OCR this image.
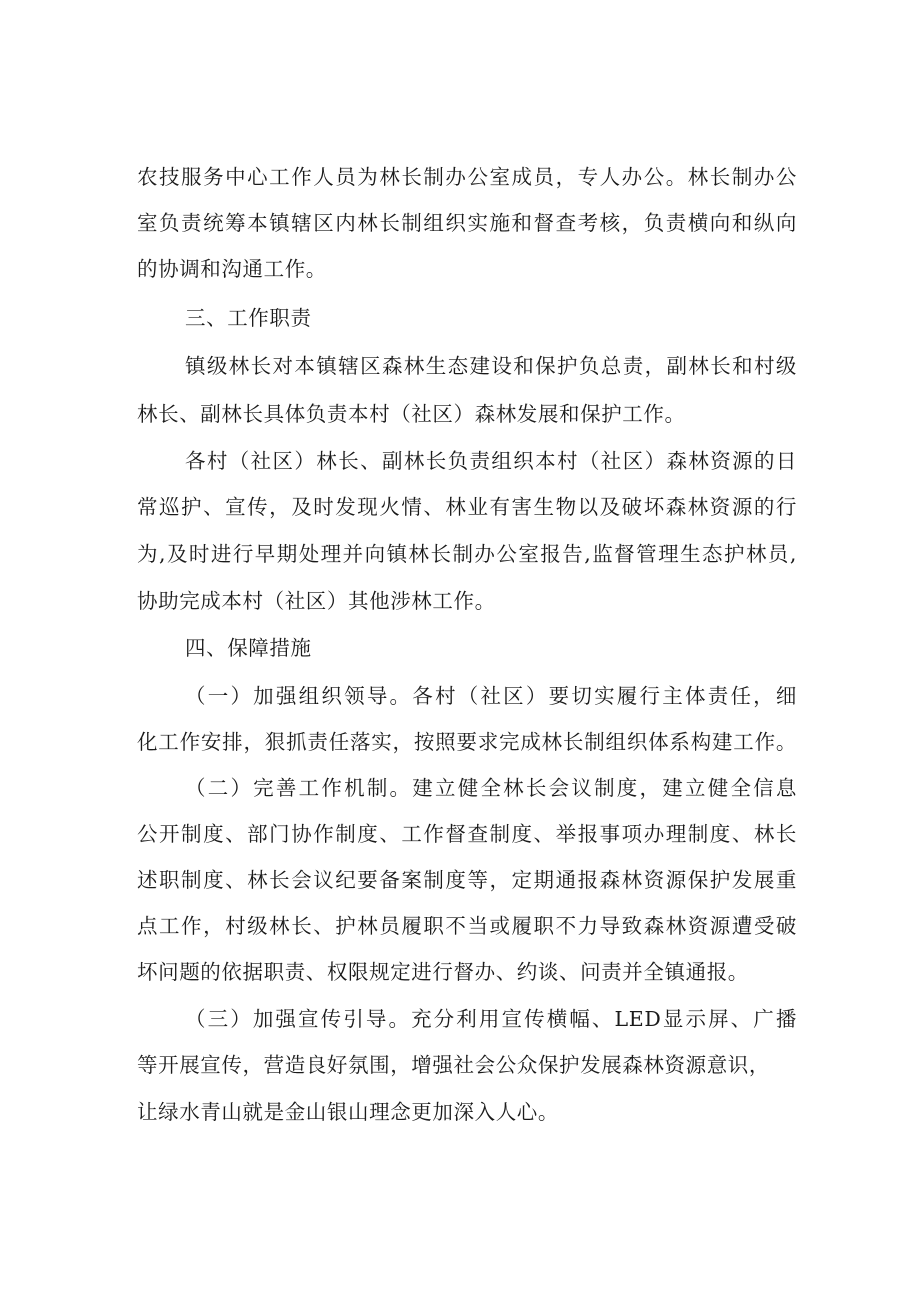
农技服务中心工作人员为林长制办公室成员，专人办公。林长制办公
室负责统筹本镇辖区内林长制组织实施和督查考核，负责横向和纵向
的协调和沟通工作。
三、工作职责
镇级林长对本镇辖区森林生态建设和保护负总责，副林长和村级
林长、副林长具体负责本村（社区）森林发展和保护工作。
各村（社区）林长、副林长负责组织本村（社区）森林资源的日
常巡护、宣传，及时发现火情、林业有害生物以及破坏森林资源的行
为,及时进行早期处理并向镇林长制办公室报告,监督管理生态护林员,
协助完成本村（社区）其他涉林工作。
四、保障措施
（一）加强组织领导。各村（社区）要切实履行主体责任，细
化工作安排，狠抓责任落实，按照要求完成林长制组织体系构建工作。
（二）完善工作机制。建立健全林长会议制度，建立健全信息
公开制度、部门协作制度、工作督查制度、举报事项办理制度、林长
述职制度、林长会议纪要备案制度等，定期通报森林资源保护发展重
点工作，村级林长、护林员履职不当或履职不力导致森林资源遭受破
坏问题的依据职责、权限规定进行督办、约谈、问责并全镇通报。
（三）加强宣传引导。充分利用宣传横幅、LED显示屏、广播
等开展宣传，营造良好氛围，增强社会公众保护发展森林资源意识，
让绿水青山就是金山银山理念更加深入人心。
